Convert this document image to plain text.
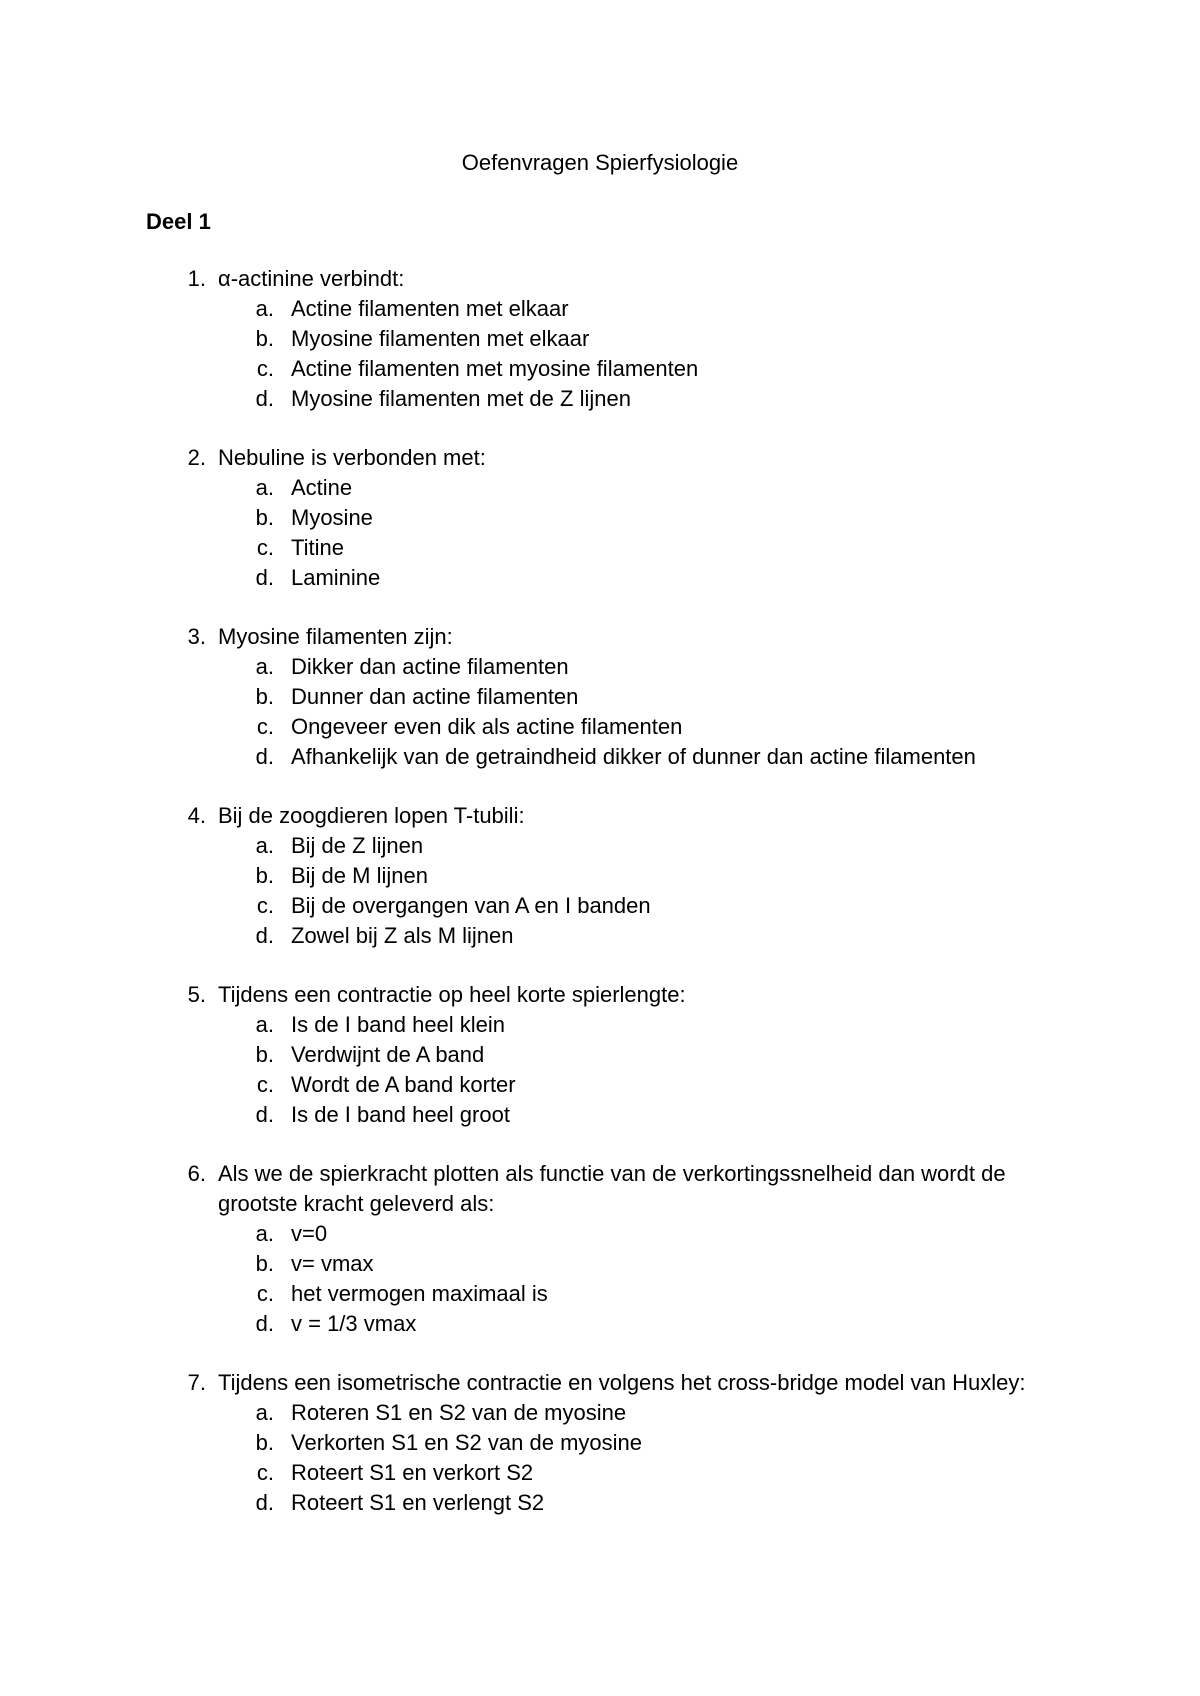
Oefenvragen Spierfysiologie
Deel 1
1. α-actinine verbindt:
a. Actine filamenten met elkaar
b. Myosine filamenten met elkaar
c. Actine filamenten met myosine filamenten
d. Myosine filamenten met de Z lijnen
2. Nebuline is verbonden met:
a. Actine
b. Myosine
c. Titine
d. Laminine
3. Myosine filamenten zijn:
a. Dikker dan actine filamenten
b. Dunner dan actine filamenten
c. Ongeveer even dik als actine filamenten
d. Afhankelijk van de getraindheid dikker of dunner dan actine filamenten
4. Bij de zoogdieren lopen T-tubili:
a. Bij de Z lijnen
b. Bij de M lijnen
c. Bij de overgangen van A en I banden
d. Zowel bij Z als M lijnen
5. Tijdens een contractie op heel korte spierlengte:
a. Is de I band heel klein
b. Verdwijnt de A band
c. Wordt de A band korter
d. Is de I band heel groot
6. Als we de spierkracht plotten als functie van de verkortingssnelheid dan wordt de
grootste kracht geleverd als:
a. v=0
b. v= vmax
c. het vermogen maximaal is
d. v = 1/3 vmax
7. Tijdens een isometrische contractie en volgens het cross-bridge model van Huxley:
a. Roteren S1 en S2 van de myosine
b. Verkorten S1 en S2 van de myosine
c. Roteert S1 en verkort S2
d. Roteert S1 en verlengt S2
